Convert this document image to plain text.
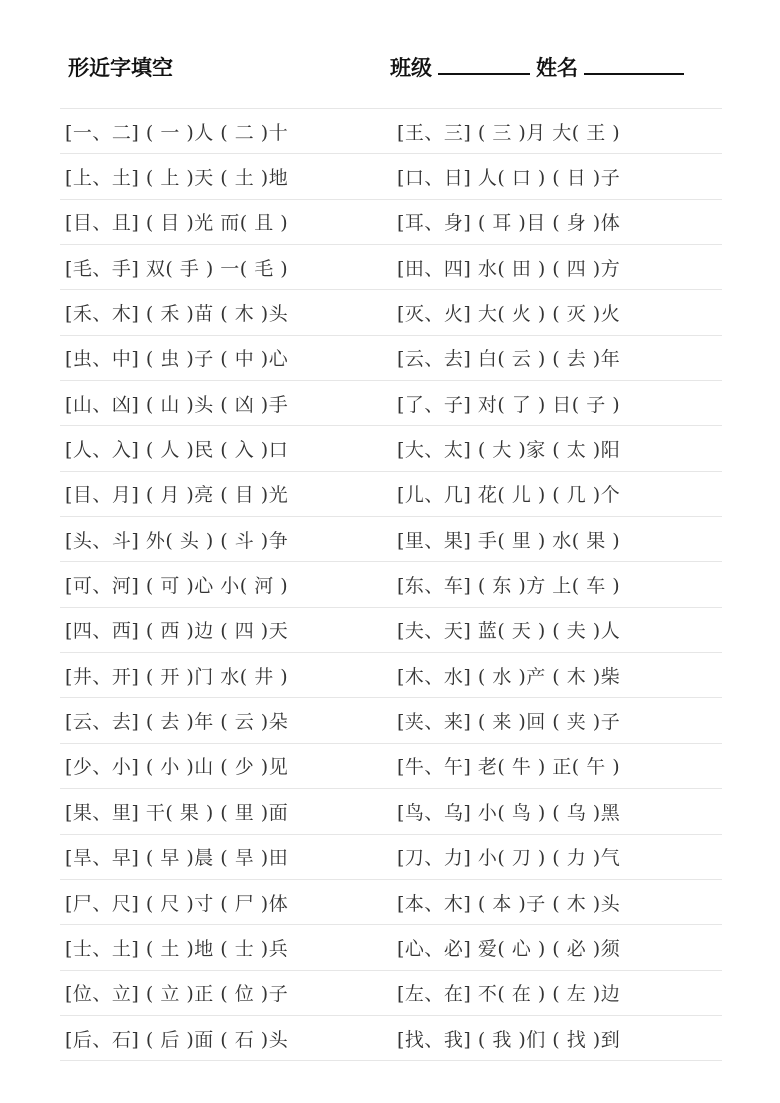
形近字填空	班级	姓名
[一、二] ( 一 )人 ( 二 )十	[王、三] ( 三 )月 大( 王 )
[上、土] ( 上 )天 ( 土 )地	[口、日] 人( 口 ) ( 日 )子
[目、且] ( 目 )光 而( 且 )	[耳、身] ( 耳 )目 ( 身 )体
[毛、手] 双( 手 ) 一( 毛 )	[田、四] 水( 田 ) ( 四 )方
[禾、木] ( 禾 )苗 ( 木 )头	[灭、火] 大( 火 ) ( 灭 )火
[虫、中] ( 虫 )子 ( 中 )心	[云、去] 白( 云 ) ( 去 )年
[山、凶] ( 山 )头 ( 凶 )手	[了、子] 对( 了 ) 日( 子 )
[人、入] ( 人 )民 ( 入 )口	[大、太] ( 大 )家 ( 太 )阳
[目、月] ( 月 )亮 ( 目 )光	[儿、几] 花( 儿 ) ( 几 )个
[头、斗] 外( 头 ) ( 斗 )争	[里、果] 手( 里 ) 水( 果 )
[可、河] ( 可 )心 小( 河 )	[东、车] ( 东 )方 上( 车 )
[四、西] ( 西 )边 ( 四 )天	[夫、天] 蓝( 天 ) ( 夫 )人
[井、开] ( 开 )门 水( 井 )	[木、水] ( 水 )产 ( 木 )柴
[云、去] ( 去 )年 ( 云 )朵	[夹、来] ( 来 )回 ( 夹 )子
[少、小] ( 小 )山 ( 少 )见	[牛、午] 老( 牛 ) 正( 午 )
[果、里] 干( 果 ) ( 里 )面	[鸟、乌] 小( 鸟 ) ( 乌 )黑
[旱、早] ( 早 )晨 ( 旱 )田	[刀、力] 小( 刀 ) ( 力 )气
[尸、尺] ( 尺 )寸 ( 尸 )体	[本、木] ( 本 )子 ( 木 )头
[士、土] ( 土 )地 ( 士 )兵	[心、必] 爱( 心 ) ( 必 )须
[位、立] ( 立 )正 ( 位 )子	[左、在] 不( 在 ) ( 左 )边
[后、石] ( 后 )面 ( 石 )头	[找、我] ( 我 )们 ( 找 )到
